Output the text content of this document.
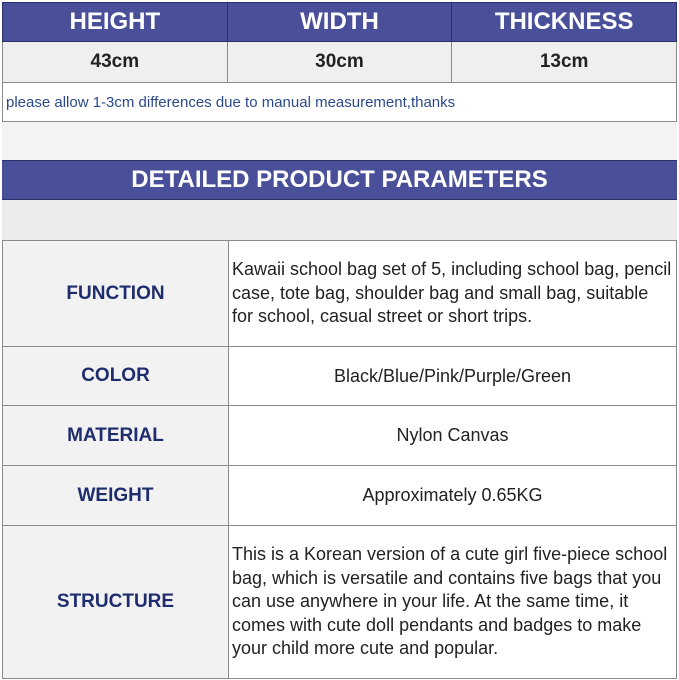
HEIGHT	WIDTH	THICKNESS
43cm	30cm	13cm
please allow 1-3cm differences due to manual measurement,thanks		
DETAILED PRODUCT PARAMETERS
FUNCTION	Kawaii school bag set of 5, including school bag, pencil case, tote bag, shoulder bag and small bag, suitable for school, casual street or short trips.
COLOR	Black/Blue/Pink/Purple/Green
MATERIAL	Nylon Canvas
WEIGHT	Approximately 0.65KG
STRUCTURE	This is a Korean version of a cute girl five-piece school bag, which is versatile and contains five bags that you can use anywhere in your life. At the same time, it comes with cute doll pendants and badges to make your child more cute and popular.
